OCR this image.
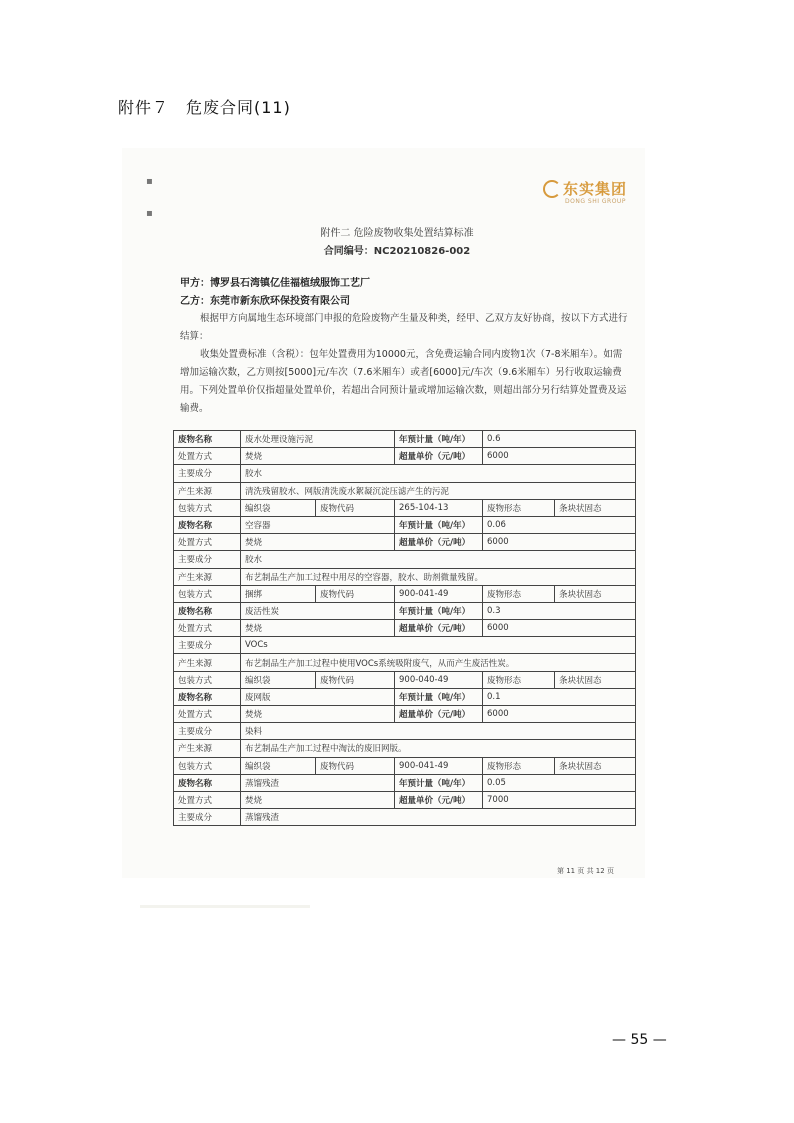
附件７　危废合同(11)
▪
▪
东实集团
DONG SHI GROUP
附件二 危险废物收集处置结算标准
合同编号：NC20210826-002
甲方：博罗县石湾镇亿佳福植绒服饰工艺厂
乙方：东莞市新东欣环保投资有限公司
根据甲方向属地生态环境部门申报的危险废物产生量及种类，经甲、乙双方友好协商，按以下方式进行结算：
收集处置费标准（含税）：包年处置费用为10000元，含免费运输合同内废物1次（7-8米厢车）。如需增加运输次数，乙方则按[5000]元/车次（7.6米厢车）或者[6000]元/车次（9.6米厢车）另行收取运输费用。下列处置单价仅指超量处置单价，若超出合同预计量或增加运输次数，则超出部分另行结算处置费及运输费。
废物名称	废水处理设施污泥		年预计量（吨/年）	0.6	
处置方式	焚烧		超量单价（元/吨）	6000	
主要成分	胶水				
产生来源	清洗残留胶水、网版清洗废水絮凝沉淀压滤产生的污泥				
包装方式	编织袋	废物代码	265-104-13	废物形态	条块状固态
废物名称	空容器		年预计量（吨/年）	0.06	
处置方式	焚烧		超量单价（元/吨）	6000	
主要成分	胶水				
产生来源	布艺制品生产加工过程中用尽的空容器，胶水、助剂微量残留。				
包装方式	捆绑	废物代码	900-041-49	废物形态	条块状固态
废物名称	废活性炭		年预计量（吨/年）	0.3	
处置方式	焚烧		超量单价（元/吨）	6000	
主要成分	VOCs				
产生来源	布艺制品生产加工过程中使用VOCs系统吸附废气，从而产生废活性炭。				
包装方式	编织袋	废物代码	900-040-49	废物形态	条块状固态
废物名称	废网版		年预计量（吨/年）	0.1	
处置方式	焚烧		超量单价（元/吨）	6000	
主要成分	染料				
产生来源	布艺制品生产加工过程中淘汰的废旧网版。				
包装方式	编织袋	废物代码	900-041-49	废物形态	条块状固态
废物名称	蒸馏残渣		年预计量（吨/年）	0.05	
处置方式	焚烧		超量单价（元/吨）	7000	
主要成分	蒸馏残渣				
第 11 页 共 12 页
— 55 —
